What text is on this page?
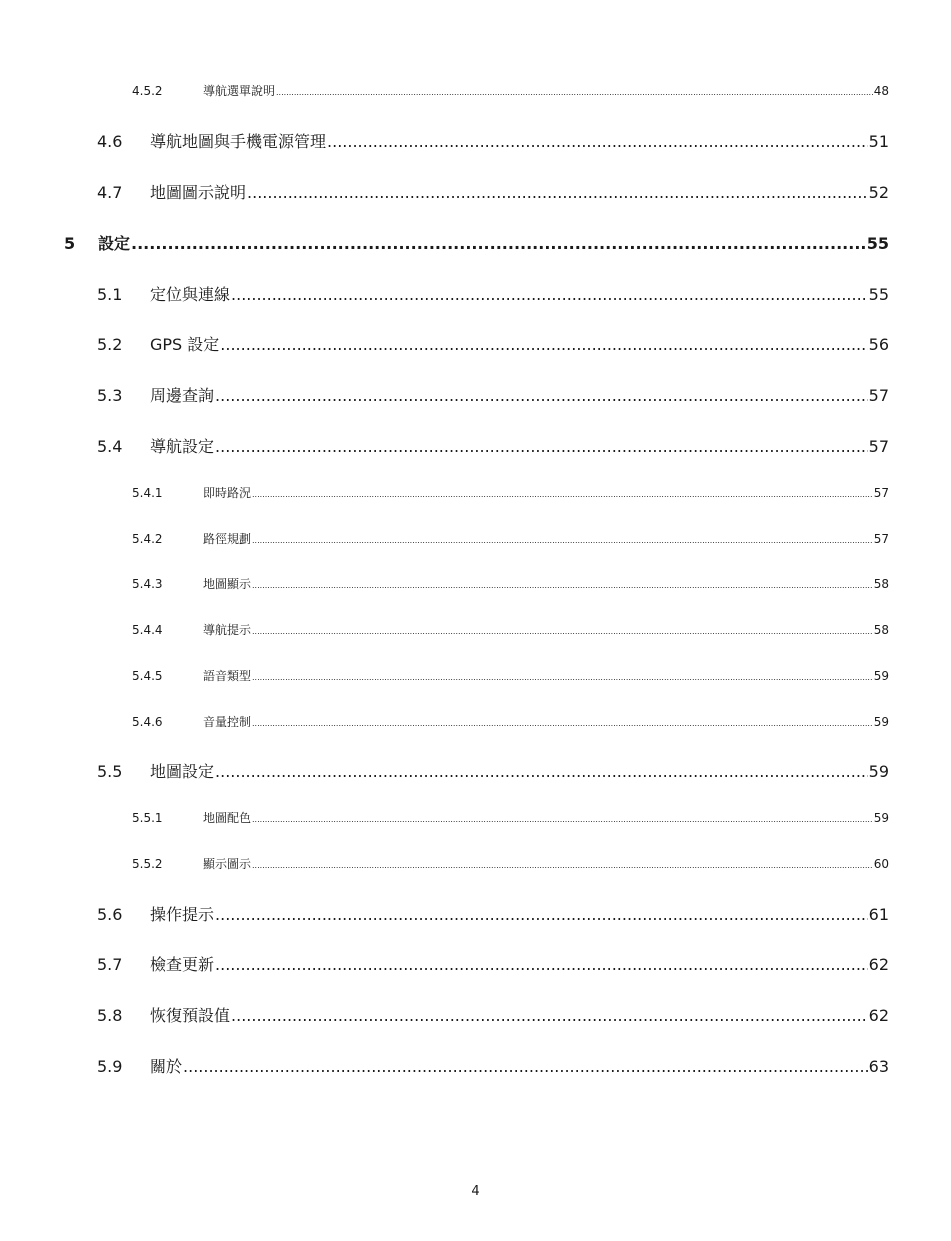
4.5.2	導航選單說明 .....	48
4.6	導航地圖與手機電源管理 .....	51
4.7	地圖圖示說明 .....	52
5	設定 .....	55
5.1	定位與連線 .....	55
5.2	GPS 設定 .....	56
5.3	周邊查詢 .....	57
5.4	導航設定 .....	57
5.4.1	即時路況 .....	57
5.4.2	路徑規劃 .....	57
5.4.3	地圖顯示 .....	58
5.4.4	導航提示 .....	58
5.4.5	語音類型 .....	59
5.4.6	音量控制 .....	59
5.5	地圖設定 .....	59
5.5.1	地圖配色 .....	59
5.5.2	顯示圖示 .....	60
5.6	操作提示 .....	61
5.7	檢查更新 .....	62
5.8	恢復預設值 .....	62
5.9	關於 .....	63
4
